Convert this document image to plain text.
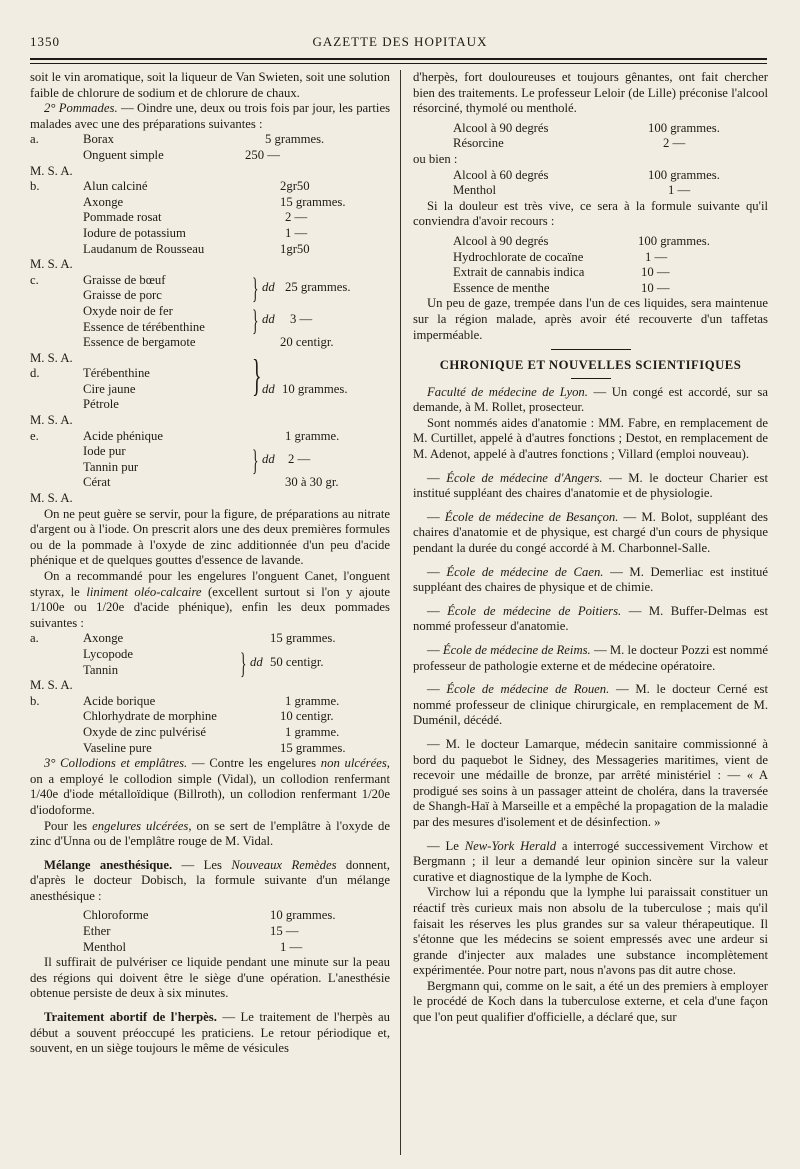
1350	GAZETTE DES HOPITAUX

soit le vin aromatique, soit la liqueur de Van Swieten, soit une solution faible de chlorure de sodium et de chlorure de chaux.

2° Pommades. — Oindre une, deux ou trois fois par jour, les parties malades avec une des préparations suivantes :

a.	Borax	5 grammes.
Onguent simple	250 —
M. S. A.
b.	Alun calciné	2gr50
Axonge	15 grammes.
Pommade rosat	2 —
Iodure de potassium	1 —
Laudanum de Rousseau	1gr50
M. S. A.
c.	Graisse de bœuf
Graisse de porc	} dd 25 grammes.
Oxyde noir de fer
Essence de térébenthine } dd 3 —
Essence de bergamote	20 centigr.
M. S. A.
d.	Térébenthine
Cire jaune	} dd 10 grammes.
Pétrole
M. S. A.
e.	Acide phénique	1 gramme.
Iode pur
Tannin pur	} dd 2 —
Cérat	30 à 30 gr.
M. S. A.

On ne peut guère se servir, pour la figure, de préparations au nitrate d'argent ou à l'iode. On prescrit alors une des deux premières formules ou de la pommade à l'oxyde de zinc additionnée d'un peu d'acide phénique et de quelques gouttes d'essence de lavande.

On a recommandé pour les engelures l'onguent Canet, l'onguent styrax, le liniment oléo-calcaire (excellent surtout si l'on y ajoute 1/100e ou 1/20e d'acide phénique), enfin les deux pommades suivantes :

a.	Axonge	15 grammes.
Lycopode
Tannin	} dd 50 centigr.
M. S. A.
b.	Acide borique	1 gramme.
Chlorhydrate de morphine	10 centigr.
Oxyde de zinc pulvérisé	1 gramme.
Vaseline pure	15 grammes.

3° Collodions et emplâtres. — Contre les engelures non ulcérées, on a employé le collodion simple (Vidal), un collodion renfermant 1/40e d'iode métalloïdique (Billroth), un collodion renfermant 1/20e d'iodoforme.

Pour les engelures ulcérées, on se sert de l'emplâtre à l'oxyde de zinc d'Unna ou de l'emplâtre rouge de M. Vidal.

Mélange anesthésique. — Les Nouveaux Remèdes donnent, d'après le docteur Dobisch, la formule suivante d'un mélange anesthésique :

Chloroforme	10 grammes.
Ether	15 —
Menthol	1 —

Il suffirait de pulvériser ce liquide pendant une minute sur la peau des régions qui doivent être le siège d'une opération. L'anesthésie obtenue persiste de deux à six minutes.

Traitement abortif de l'herpès. — Le traitement de l'herpès au début a souvent préoccupé les praticiens. Le retour périodique et, souvent, en un siège toujours le même de vésicules

d'herpès, fort douloureuses et toujours gênantes, ont fait chercher bien des traitements. Le professeur Leloir (de Lille) préconise l'alcool résorciné, thymolé ou mentholé.

Alcool à 90 degrés	100 grammes.
Résorcine	2 —
ou bien :
Alcool à 60 degrés	100 grammes.
Menthol	1 —

Si la douleur est très vive, ce sera à la formule suivante qu'il conviendra d'avoir recours :

Alcool à 90 degrés	100 grammes.
Hydrochlorate de cocaïne	1 —
Extrait de cannabis indica	10 —
Essence de menthe	10 —

Un peu de gaze, trempée dans l'un de ces liquides, sera maintenue sur la région malade, après avoir été recouverte d'un taffetas imperméable.

CHRONIQUE ET NOUVELLES SCIENTIFIQUES

Faculté de médecine de Lyon. — Un congé est accordé, sur sa demande, à M. Rollet, prosecteur.

Sont nommés aides d'anatomie : MM. Fabre, en remplacement de M. Curtillet, appelé à d'autres fonctions ; Destot, en remplacement de M. Adenot, appelé à d'autres fonctions ; Villard (emploi nouveau).

— École de médecine d'Angers. — M. le docteur Charier est institué suppléant des chaires d'anatomie et de physiologie.

— École de médecine de Besançon. — M. Bolot, suppléant des chaires d'anatomie et de physique, est chargé d'un cours de physique pendant la durée du congé accordé à M. Charbonnel-Salle.

— École de médecine de Caen. — M. Demerliac est institué suppléant des chaires de physique et de chimie.

— École de médecine de Poitiers. — M. Buffer-Delmas est nommé professeur d'anatomie.

— École de médecine de Reims. — M. le docteur Pozzi est nommé professeur de pathologie externe et de médecine opératoire.

— École de médecine de Rouen. — M. le docteur Cerné est nommé professeur de clinique chirurgicale, en remplacement de M. Duménil, décédé.

— M. le docteur Lamarque, médecin sanitaire commissionné à bord du paquebot le Sidney, des Messageries maritimes, vient de recevoir une médaille de bronze, par arrêté ministériel : — « A prodigué ses soins à un passager atteint de choléra, dans la traversée de Shangh-Haï à Marseille et a empêché la propagation de la maladie par des mesures d'isolement et de désinfection. »

— Le New-York Herald a interrogé successivement Virchow et Bergmann ; il leur a demandé leur opinion sincère sur la valeur curative et diagnostique de la lymphe de Koch.

Virchow lui a répondu que la lymphe lui paraissait constituer un réactif très curieux mais non absolu de la tuberculose ; mais qu'il faisait les réserves les plus grandes sur sa valeur thérapeutique. Il s'étonne que les médecins se soient empressés avec une ardeur si grande d'injecter aux malades une substance incomplètement expérimentée. Pour notre part, nous n'avons pas dit autre chose.

Bergmann qui, comme on le sait, a été un des premiers à employer le procédé de Koch dans la tuberculose externe, et cela d'une façon que l'on peut qualifier d'officielle, a déclaré que, sur
